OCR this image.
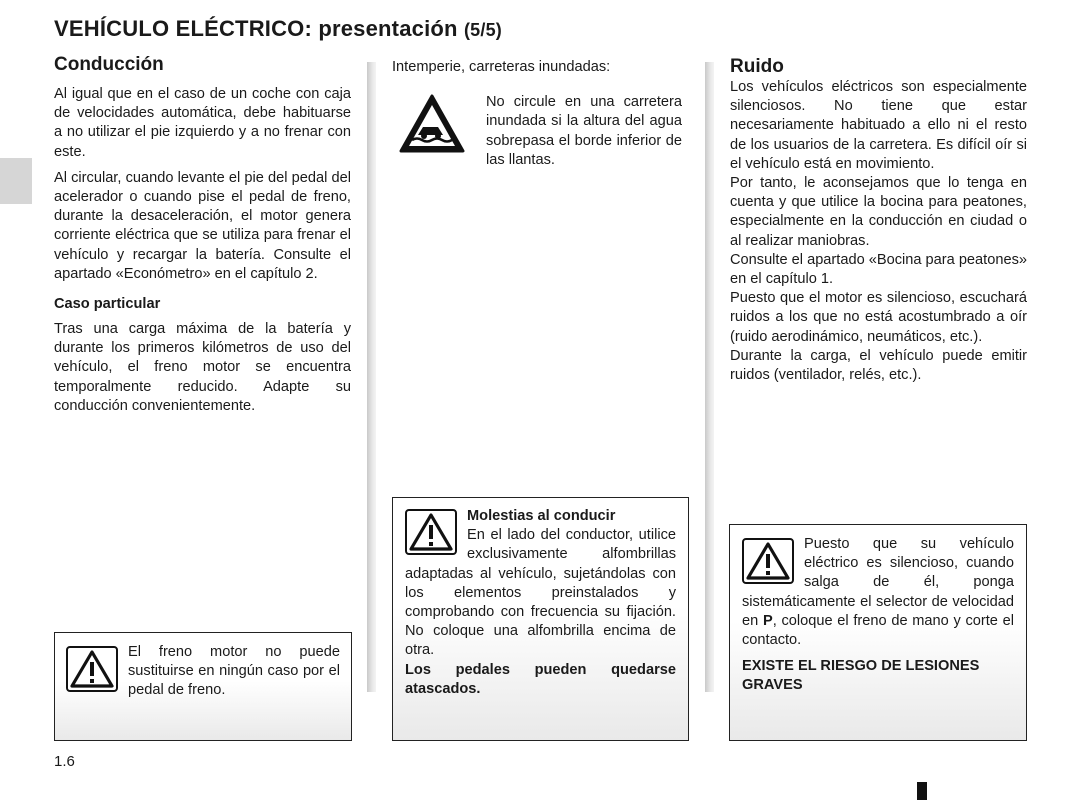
VEHÍCULO ELÉCTRICO: presentación (5/5)
Conducción

Al igual que en el caso de un coche con caja de velocidades automática, debe habituarse a no utilizar el pie izquierdo y a no frenar con este.

Al circular, cuando levante el pie del pedal del acelerador o cuando pise el pedal de freno, durante la desaceleración, el motor genera corriente eléctrica que se utiliza para frenar el vehículo y recargar la batería. Consulte el apartado «Económetro» en el capítulo 2.

Caso particular

Tras una carga máxima de la batería y durante los primeros kilómetros de uso del vehículo, el freno motor se encuentra temporalmente reducido. Adapte su conducción convenientemente.

El freno motor no puede sustituirse en ningún caso por el pedal de freno.

Intemperie, carreteras inundadas:

No circule en una carretera inundada si la altura del agua sobrepasa el borde inferior de las llantas.

Molestias al conducir

En el lado del conductor, utilice exclusivamente alfombrillas adaptadas al vehículo, sujetándolas con los elementos preinstalados y comprobando con frecuencia su fijación. No coloque una alfombrilla encima de otra.

Los pedales pueden quedarse atascados.

Ruido

Los vehículos eléctricos son especialmente silenciosos. No tiene que estar necesariamente habituado a ello ni el resto de los usuarios de la carretera. Es difícil oír si el vehículo está en movimiento.

Por tanto, le aconsejamos que lo tenga en cuenta y que utilice la bocina para peatones, especialmente en la conducción en ciudad o al realizar maniobras.

Consulte el apartado «Bocina para peatones» en el capítulo 1.

Puesto que el motor es silencioso, escuchará ruidos a los que no está acostumbrado a oír (ruido aerodinámico, neumáticos, etc.).

Durante la carga, el vehículo puede emitir ruidos (ventilador, relés, etc.).

Puesto que su vehículo eléctrico es silencioso, cuando salga de él, ponga sistemáticamente el selector de velocidad en P, coloque el freno de mano y corte el contacto.

EXISTE EL RIESGO DE LESIONES GRAVES

1.6
